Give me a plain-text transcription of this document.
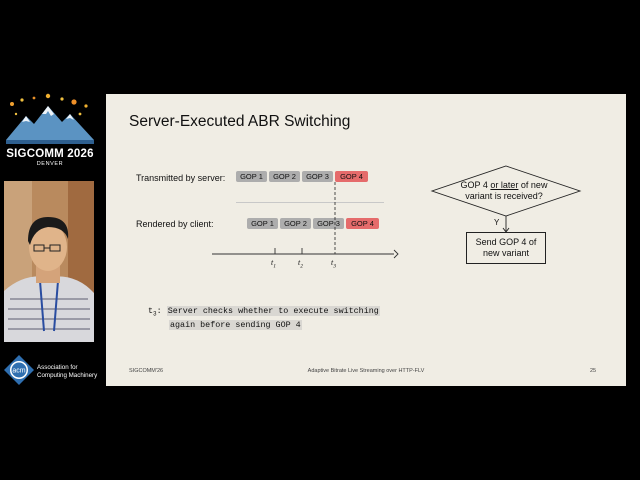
SIGCOMM 2026
DENVER
acm Association for
Computing Machinery
Server-Executed ABR Switching
Transmitted by server:	GOP 1	GOP 2	GOP 3	GOP 4
Rendered by client:	GOP 1	GOP 2	GOP 3	GOP 4
$t_1$	$t_2$	$t_3$
$t_3$: Server checks whether to execute switching
again before sending GOP 4
GOP 4 or later of new
variant is received?
Y
Send GOP 4 of
new variant
SIGCOMM'26	Adaptive Bitrate Live Streaming over HTTP-FLV	25
